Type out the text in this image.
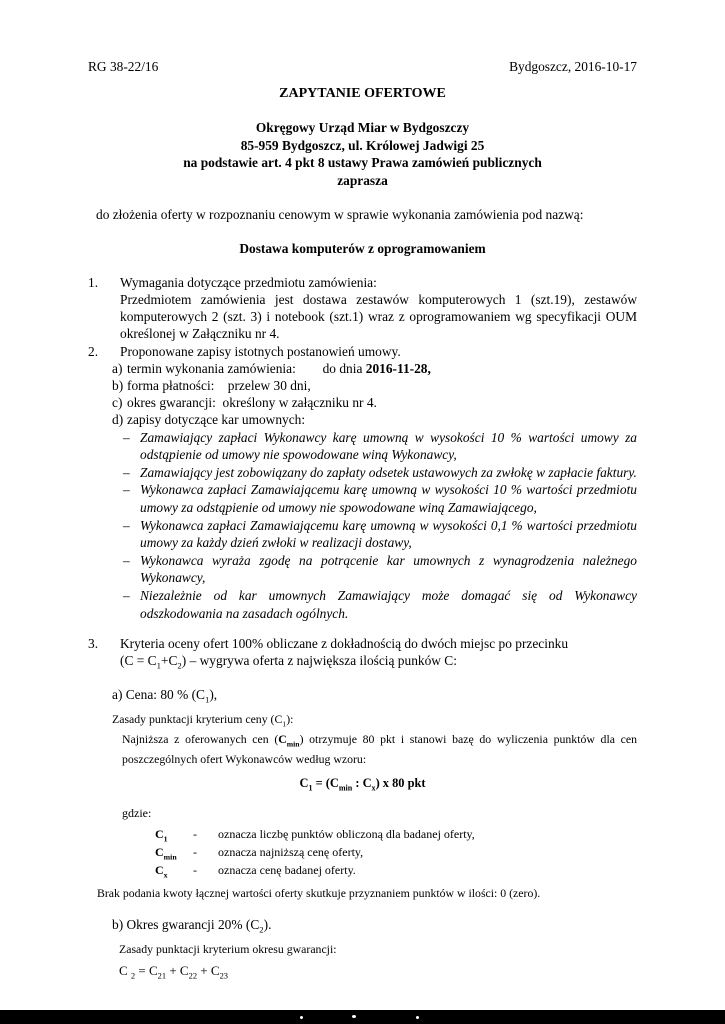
RG 38-22/16	Bydgoszcz, 2016-10-17
ZAPYTANIE OFERTOWE
Okręgowy Urząd Miar w Bydgoszczy
85-959 Bydgoszcz, ul. Królowej Jadwigi 25
na podstawie art. 4 pkt 8 ustawy Prawa zamówień publicznych
zaprasza
do złożenia oferty w rozpoznaniu cenowym w sprawie wykonania zamówienia pod nazwą:
Dostawa komputerów z oprogramowaniem
1.	Wymagania dotyczące przedmiotu zamówienia:
Przedmiotem zamówienia jest dostawa zestawów komputerowych 1 (szt.19), zestawów komputerowych 2 (szt. 3) i notebook (szt.1) wraz z oprogramowaniem wg specyfikacji OUM określonej w Załączniku nr 4.
2.	Proponowane zapisy istotnych postanowień umowy.
a) termin wykonania zamówienia:        do dnia 2016-11-28,
b) forma płatności:    przelew 30 dni,
c) okres gwarancji:  określony w załączniku nr 4.
d) zapisy dotyczące kar umownych:
– Zamawiający zapłaci Wykonawcy karę umowną w wysokości 10 % wartości umowy za odstąpienie od umowy nie spowodowane winą Wykonawcy,
– Zamawiający jest zobowiązany do zapłaty odsetek ustawowych za zwłokę w zapłacie faktury.
– Wykonawca zapłaci Zamawiającemu karę umowną w wysokości 10 % wartości przedmiotu umowy za odstąpienie od umowy nie spowodowane winą Zamawiającego,
– Wykonawca zapłaci Zamawiającemu karę umowną w wysokości 0,1 % wartości przedmiotu umowy za każdy dzień zwłoki w realizacji dostawy,
– Wykonawca wyraża zgodę na potrącenie kar umownych z wynagrodzenia należnego Wykonawcy,
– Niezależnie od kar umownych Zamawiający może domagać się od Wykonawcy odszkodowania na zasadach ogólnych.
3.	Kryteria oceny ofert 100% obliczane z dokładnością do dwóch miejsc po przecinku
$(C = C_1+C_2)$ – wygrywa oferta z największa ilością punków C:
a) Cena: 80 % $(C_1)$,
Zasady punktacji kryterium ceny $(C_1)$:
Najniższa z oferowanych cen $(C_{min})$ otrzymuje 80 pkt i stanowi bazę do wyliczenia punktów dla cen poszczególnych ofert Wykonawców według wzoru:
$C_1 = (C_{min}$ : $C_x$) x 80 pkt
gdzie:
$C_1$	-	oznacza liczbę punktów obliczoną dla badanej oferty,
$C_{min}$	-	oznacza najniższą cenę oferty,
$C_x$	-	oznacza cenę badanej oferty.
Brak podania kwoty łącznej wartości oferty skutkuje przyznaniem punktów w ilości: 0 (zero).
b) Okres gwarancji 20% $(C_2)$.
Zasady punktacji kryterium okresu gwarancji:
C $_2 = C_{21} + C_{22} + C_{23}$
